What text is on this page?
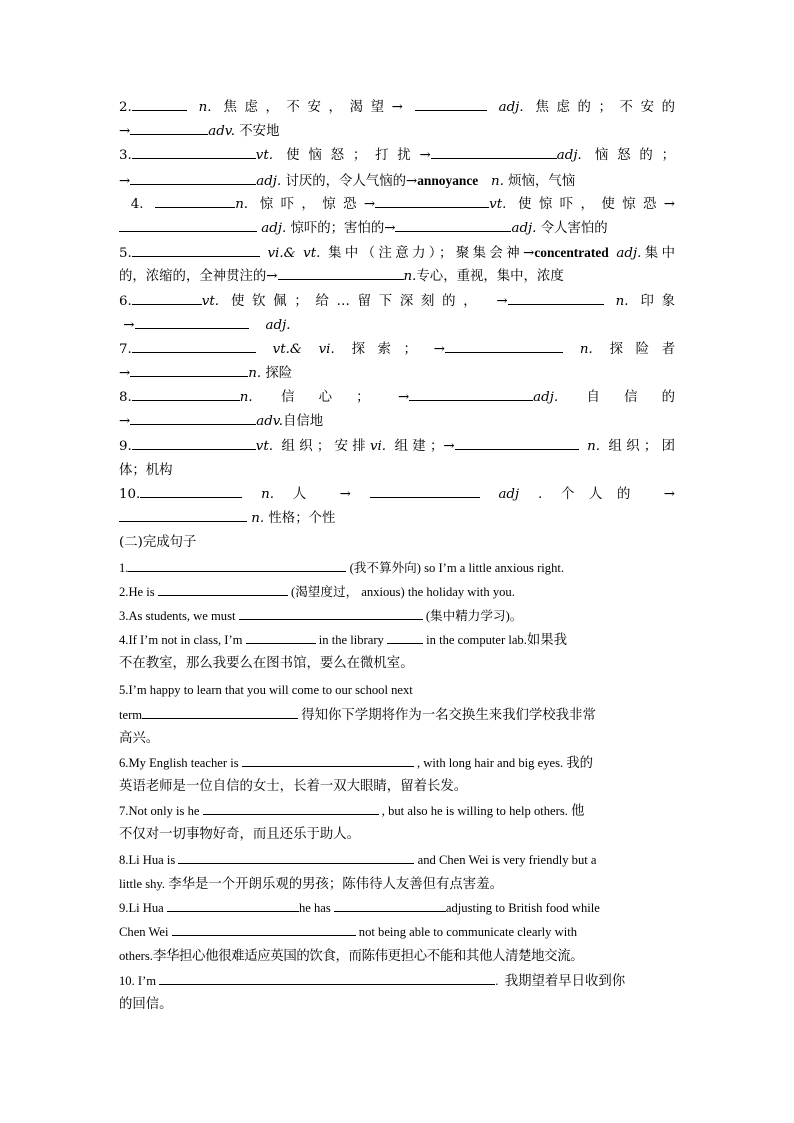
2.	n. 焦虑，不安，渴望→	adj. 焦虑的；不安的
→	adv. 不安地
3.	vt. 使恼怒；打扰→	adj. 恼怒的；
→	adj. 讨厌的，令人气恼的→annoyance n. 烦恼，气恼
4.	n. 惊吓，惊恐→	vt. 使惊吓，使惊恐→
adj. 惊吓的；害怕的→	adj. 令人害怕的
5.	vi.& vt. 集中（注意力）；聚集会神→concentrated adj.集中
的，浓缩的，全神贯注的→	n.专心，重视，集中，浓度
6.	vt. 使钦佩；给…留下深刻的， →	n. 印象
→	adj.
7.	vt.& vi. 探索； →	n. 探险者
→	n. 探险
8.	n. 信心； →	adj. 自信的
→	adv.自信地
9.	vt. 组织；安排vi. 组建；→	n. 组织；团
体；机构
10.	n. 人 →	adj . 个人的 →
n. 性格；个性
(二)完成句子
1.	(我不算外向) so I’m a little anxious right.
2.He is	(渴望度过， anxious) the holiday with you.
3.As students, we must	(集中精力学习)。
4.If I’m not in class, I’m	in the library	in the computer lab.如果我
不在教室，那么我要么在图书馆，要么在微机室。
5.I’m happy to learn that you will come to our school next
term	得知你下学期将作为一名交换生来我们学校我非常
高兴。
6.My English teacher is	, with long hair and big eyes. 我的
英语老师是一位自信的女士，长着一双大眼睛，留着长发。
7.Not only is he	, but also he is willing to help others. 他
不仅对一切事物好奇，而且还乐于助人。
8.Li Hua is	and Chen Wei is very friendly but a
little shy. 李华是一个开朗乐观的男孩；陈伟待人友善但有点害羞。
9.Li Hua	he has	adjusting to British food while
Chen Wei	not being able to communicate clearly with
others.李华担心他很难适应英国的饮食，而陈伟更担心不能和其他人清楚地交流。
10. I’m	. 我期望着早日收到你
的回信。
